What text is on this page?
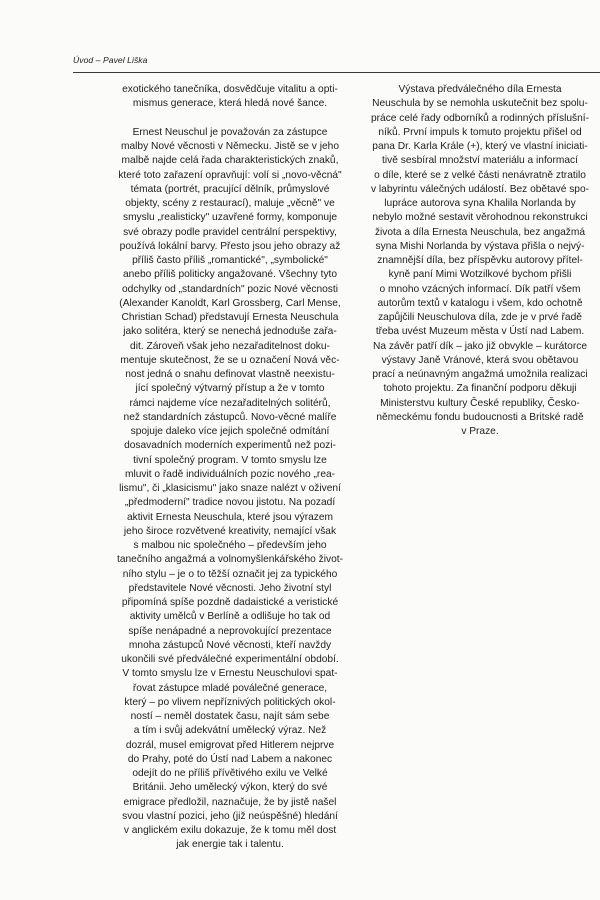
Úvod – Pavel Liška

exotického tanečníka, dosvědčuje vitalitu a opti-
mismus generace, která hledá nové šance.

Ernest Neuschul je považován za zástupce
malby Nové věcnosti v Německu. Jistě se v jeho
malbě najde celá řada charakteristických znaků,
které toto zařazení opravňují: volí si „novo-věcná"
témata (portrét, pracující dělník, průmyslové
objekty, scény z restaurací), maluje „věcně" ve
smyslu „realisticky" uzavřené formy, komponuje
své obrazy podle pravidel centrální perspektivy,
používá lokální barvy. Přesto jsou jeho obrazy až
příliš často příliš „romantické", „symbolické"
anebo příliš politicky angažované. Všechny tyto
odchylky od „standardních" pozic Nové věcnosti
(Alexander Kanoldt, Karl Grossberg, Carl Mense,
Christian Schad) představují Ernesta Neuschula
jako solitéra, který se nenechá jednoduše zařa-
dit. Zároveň však jeho nezařaditelnost doku-
mentuje skutečnost, že se u označení Nová věc-
nost jedná o snahu definovat vlastně neexistu-
jící společný výtvarný přístup a že v tomto
rámci najdeme více nezařaditelných solitérů,
než standardních zástupců. Novo-věcné malíře
spojuje daleko více jejich společné odmítání
dosavadních moderních experimentů než pozi-
tivní společný program. V tomto smyslu lze
mluvit o řadě individuálních pozic nového „rea-
lismu", či „klasicismu" jako snaze nalézt v oživení
„předmoderní" tradice novou jistotu. Na pozadí
aktivit Ernesta Neuschula, které jsou výrazem
jeho široce rozvětvené kreativity, nemající však
s malbou nic společného – především jeho
tanečního angažmá a volnomyšlenkářského život-
ního stylu – je o to těžší označit jej za typického
představitele Nové věcnosti. Jeho životní styl
připomíná spíše pozdně dadaistické a veristické
aktivity umělců v Berlíně a odlišuje ho tak od
spíše nenápadné a neprovokující prezentace
mnoha zástupců Nové věcnosti, kteří navždy
ukončili své předválečné experimentální období.
V tomto smyslu lze v Ernestu Neuschulovi spat-
řovat zástupce mladé poválečné generace,
který – po vlivem nepříznivých politických okol-
ností – neměl dostatek času, najít sám sebe
a tím i svůj adekvátní umělecký výraz. Než
dozrál, musel emigrovat před Hitlerem nejprve
do Prahy, poté do Ústí nad Labem a nakonec
odejít do ne příliš přívětivého exilu ve Velké
Británii. Jeho umělecký výkon, který do své
emigrace předložil, naznačuje, že by jistě našel
svou vlastní pozici, jeho (již neúspěšné) hledání
v anglickém exilu dokazuje, že k tomu měl dost
jak energie tak i talentu.

Výstava předválečného díla Ernesta
Neuschula by se nemohla uskutečnit bez spolu-
práce celé řady odborníků a rodinných příslušní-
níků. První impuls k tomuto projektu přišel od
pana Dr. Karla Krále (+), který ve vlastní iniciati-
tivě sesbíral množství materiálu a informací
o díle, které se z velké části nenávratně ztratilo
v labyrintu válečných událostí. Bez obětavé spo-
lupráce autorova syna Khalila Norlanda by
nebylo možné sestavit věrohodnou rekonstrukci
života a díla Ernesta Neuschula, bez angažmá
syna Mishi Norlanda by výstava přišla o nejvý-
znamnější díla, bez příspěvku autorovy přítel-
kyně paní Mimi Wotzilkové bychom přišli
o mnoho vzácných informací. Dík patří všem
autorům textů v katalogu i všem, kdo ochotně
zapůjčili Neuschulova díla, zde je v prvé řadě
třeba uvést Muzeum města v Ústí nad Labem.
Na závěr patří dík – jako již obvykle – kurátorce
výstavy Janě Vránové, která svou obětavou
prací a neúnavným angažmá umožnila realizaci
tohoto projektu. Za finanční podporu děkuji
Ministerstvu kultury České republiky, Česko-
německému fondu budoucnosti a Britské radě
v Praze.
